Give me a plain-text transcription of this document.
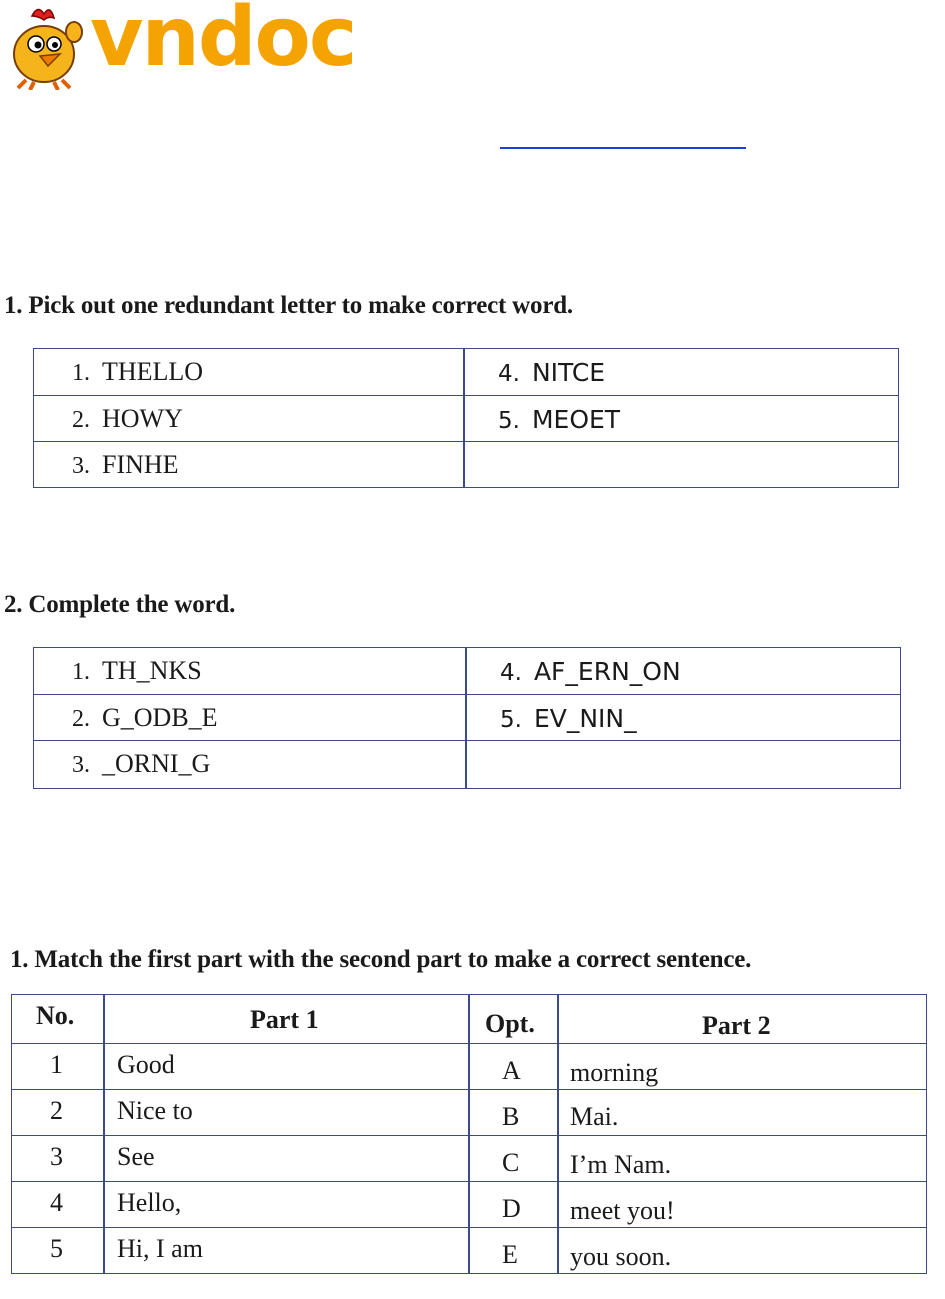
vndoc
1. Pick out one redundant letter to make correct word.
1. THELLO	4. NITCE
2. HOWY	5. MEOET
3. FINHE
2. Complete the word.
1. TH_NKS	4. AF_ERN_ON
2. G_ODB_E	5. EV_NIN_
3. _ORNI_G
1. Match the first part with the second part to make a correct sentence.
No.	Part 1	Opt.	Part 2
1 Good	A morning
2 Nice to	B Mai.
3 See	C I’m Nam.
4 Hello,	D meet you!
5 Hi, I am	E you soon.
